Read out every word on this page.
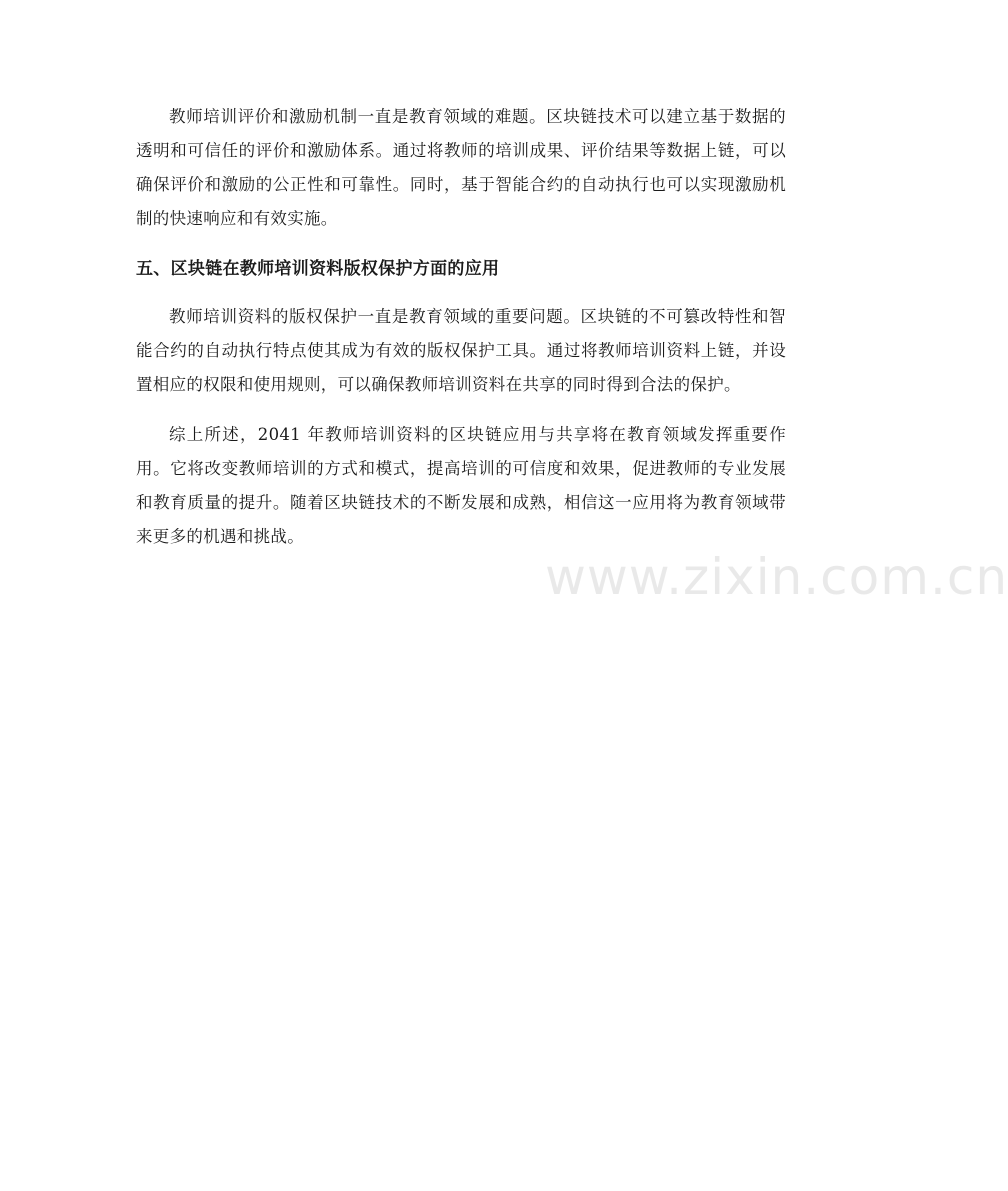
教师培训评价和激励机制一直是教育领域的难题。区块链技术可以建立基于数据的透明和可信任的评价和激励体系。通过将教师的培训成果、评价结果等数据上链，可以确保评价和激励的公正性和可靠性。同时，基于智能合约的自动执行也可以实现激励机制的快速响应和有效实施。

五、区块链在教师培训资料版权保护方面的应用

教师培训资料的版权保护一直是教育领域的重要问题。区块链的不可篡改特性和智能合约的自动执行特点使其成为有效的版权保护工具。通过将教师培训资料上链，并设置相应的权限和使用规则，可以确保教师培训资料在共享的同时得到合法的保护。

综上所述，2041 年教师培训资料的区块链应用与共享将在教育领域发挥重要作用。它将改变教师培训的方式和模式，提高培训的可信度和效果，促进教师的专业发展和教育质量的提升。随着区块链技术的不断发展和成熟，相信这一应用将为教育领域带来更多的机遇和挑战。

www.zixin.com.cn
